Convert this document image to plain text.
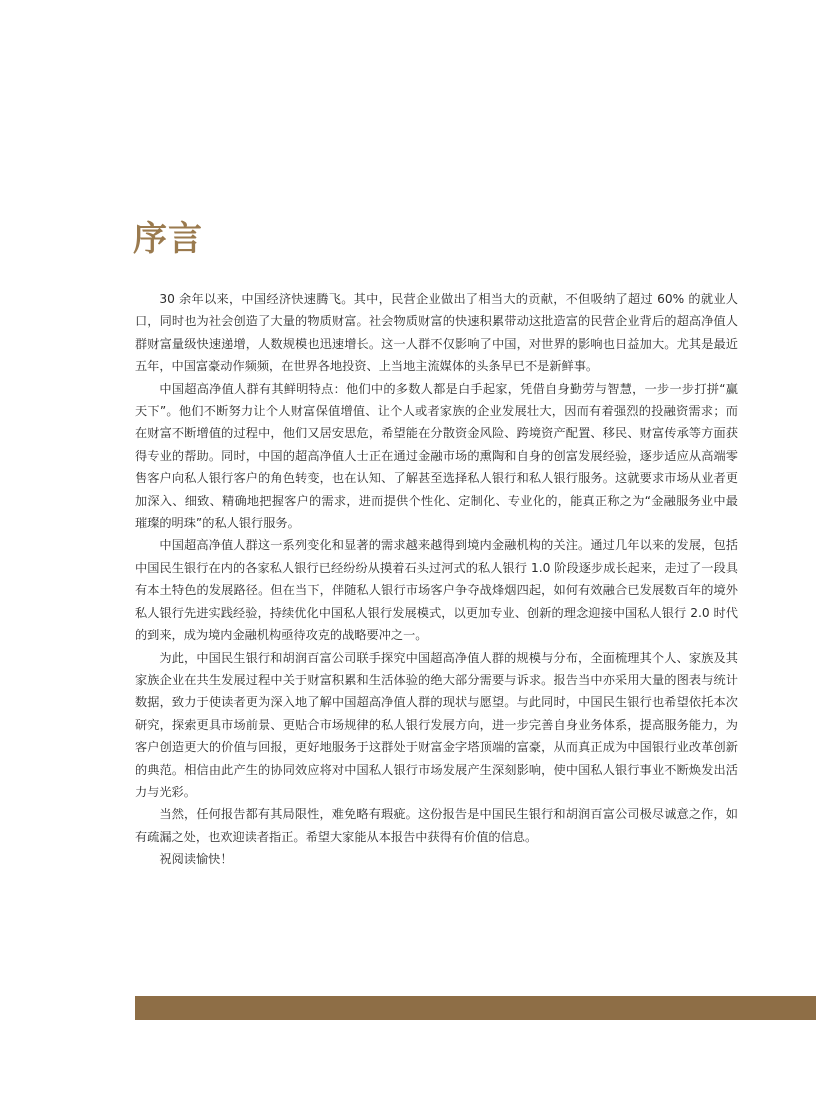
序言

30 余年以来，中国经济快速腾飞。其中，民营企业做出了相当大的贡献，不但吸纳了超过 60% 的就业人口，同时也为社会创造了大量的物质财富。社会物质财富的快速积累带动这批造富的民营企业背后的超高净值人群财富量级快速递增，人数规模也迅速增长。这一人群不仅影响了中国，对世界的影响也日益加大。尤其是最近五年，中国富豪动作频频，在世界各地投资、上当地主流媒体的头条早已不是新鲜事。

中国超高净值人群有其鲜明特点：他们中的多数人都是白手起家，凭借自身勤劳与智慧，一步一步打拼“赢天下”。他们不断努力让个人财富保值增值、让个人或者家族的企业发展壮大，因而有着强烈的投融资需求；而在财富不断增值的过程中，他们又居安思危，希望能在分散资金风险、跨境资产配置、移民、财富传承等方面获得专业的帮助。同时，中国的超高净值人士正在通过金融市场的熏陶和自身的创富发展经验，逐步适应从高端零售客户向私人银行客户的角色转变，也在认知、了解甚至选择私人银行和私人银行服务。这就要求市场从业者更加深入、细致、精确地把握客户的需求，进而提供个性化、定制化、专业化的，能真正称之为“金融服务业中最璀璨的明珠”的私人银行服务。

中国超高净值人群这一系列变化和显著的需求越来越得到境内金融机构的关注。通过几年以来的发展，包括中国民生银行在内的各家私人银行已经纷纷从摸着石头过河式的私人银行 1.0 阶段逐步成长起来，走过了一段具有本土特色的发展路径。但在当下，伴随私人银行市场客户争夺战烽烟四起，如何有效融合已发展数百年的境外私人银行先进实践经验，持续优化中国私人银行发展模式，以更加专业、创新的理念迎接中国私人银行 2.0 时代的到来，成为境内金融机构亟待攻克的战略要冲之一。

为此，中国民生银行和胡润百富公司联手探究中国超高净值人群的规模与分布，全面梳理其个人、家族及其家族企业在共生发展过程中关于财富积累和生活体验的绝大部分需要与诉求。报告当中亦采用大量的图表与统计数据，致力于使读者更为深入地了解中国超高净值人群的现状与愿望。与此同时，中国民生银行也希望依托本次研究，探索更具市场前景、更贴合市场规律的私人银行发展方向，进一步完善自身业务体系，提高服务能力，为客户创造更大的价值与回报，更好地服务于这群处于财富金字塔顶端的富豪，从而真正成为中国银行业改革创新的典范。相信由此产生的协同效应将对中国私人银行市场发展产生深刻影响，使中国私人银行事业不断焕发出活力与光彩。

当然，任何报告都有其局限性，难免略有瑕疵。这份报告是中国民生银行和胡润百富公司极尽诚意之作，如有疏漏之处，也欢迎读者指正。希望大家能从本报告中获得有价值的信息。

祝阅读愉快！
